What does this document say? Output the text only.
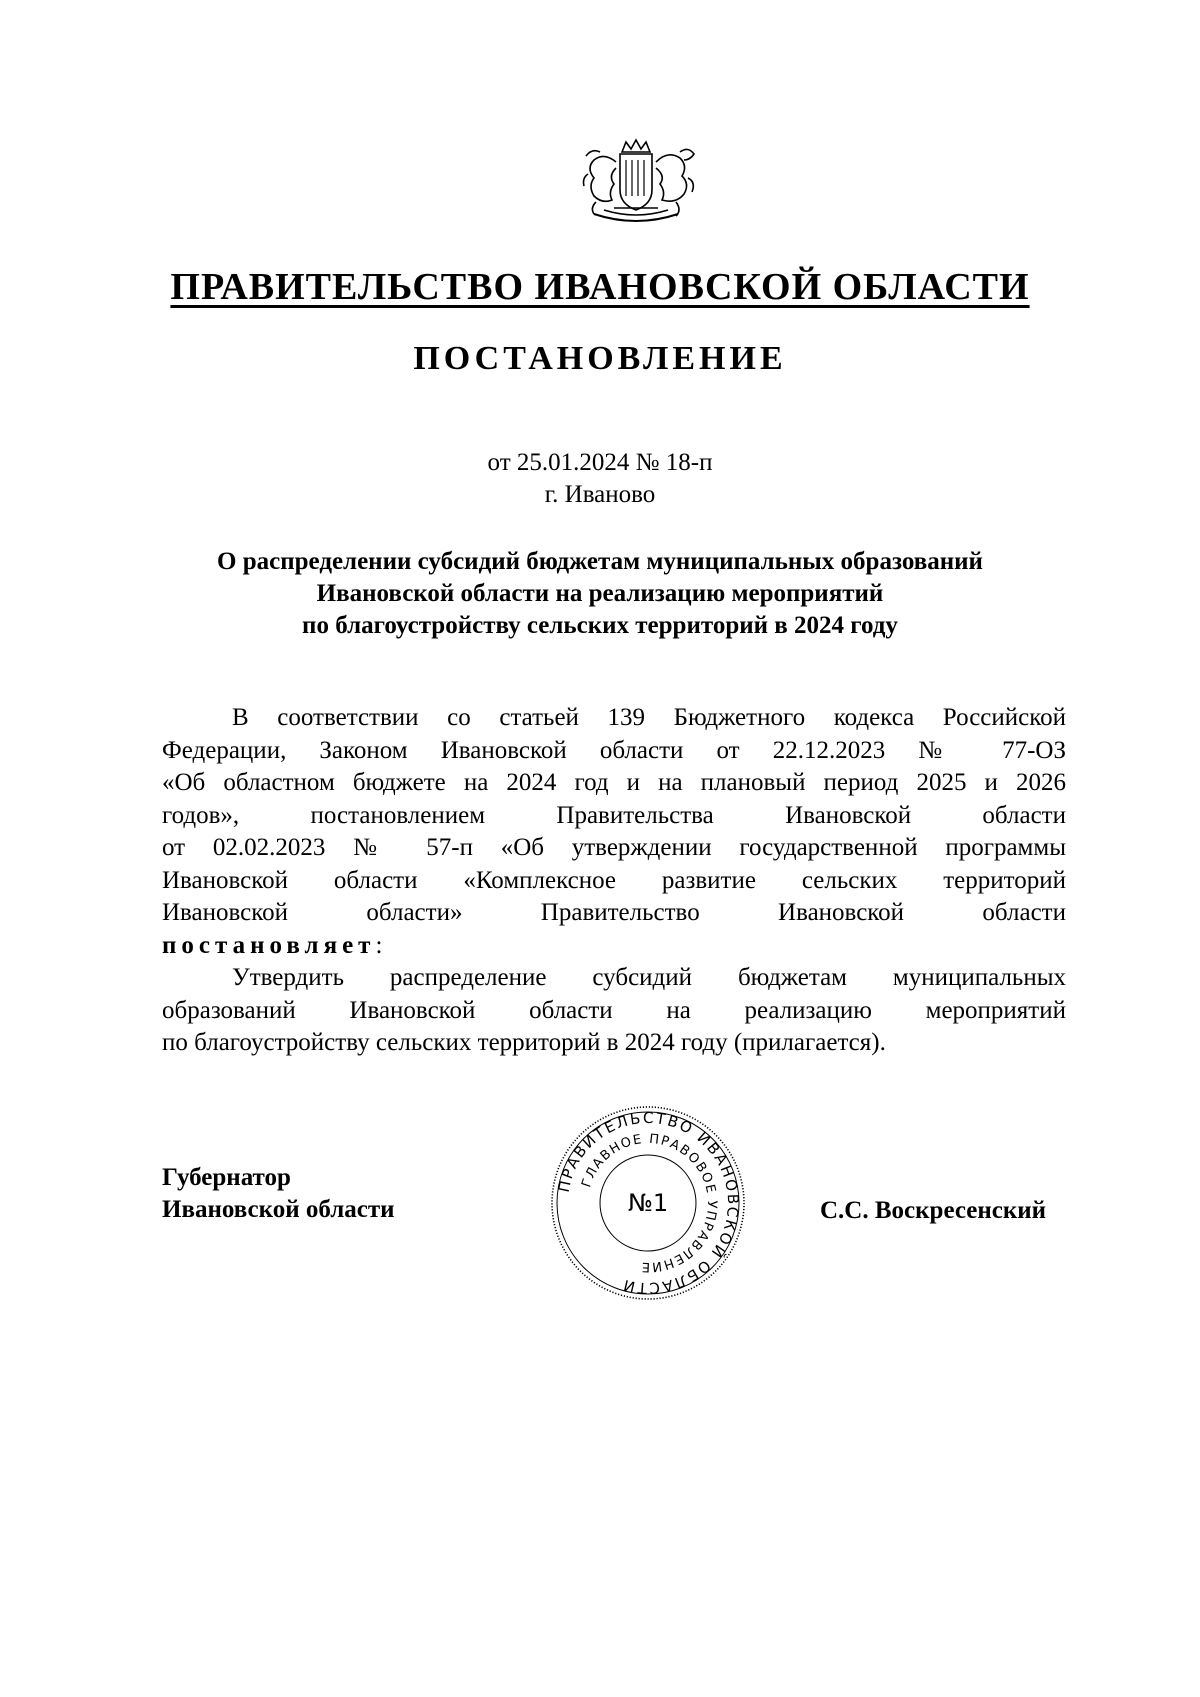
ПРАВИТЕЛЬСТВО ИВАНОВСКОЙ ОБЛАСТИ
ПОСТАНОВЛЕНИЕ
от 25.01.2024 № 18-п
г. Иваново
О распределении субсидий бюджетам муниципальных образований
Ивановской области на реализацию мероприятий
по благоустройству сельских территорий в 2024 году
В соответствии со статьей 139 Бюджетного кодекса Российской
Федерации, Законом Ивановской области от 22.12.2023 № 77-ОЗ
«Об областном бюджете на 2024 год и на плановый период 2025 и 2026
годов», постановлением Правительства Ивановской области
от 02.02.2023 № 57-п «Об утверждении государственной программы
Ивановской области «Комплексное развитие сельских территорий
Ивановской области» Правительство Ивановской области
постановляет:
Утвердить распределение субсидий бюджетам муниципальных
образований Ивановской области на реализацию мероприятий
по благоустройству сельских территорий в 2024 году (прилагается).
Губернатор
Ивановской области
ПРАВИТЕЛЬСТВО ИВАНОВСКОЙ ОБЛАСТИ
ГЛАВНОЕ ПРАВОВОЕ УПРАВЛЕНИЕ
№1	С.С. Воскресенский
